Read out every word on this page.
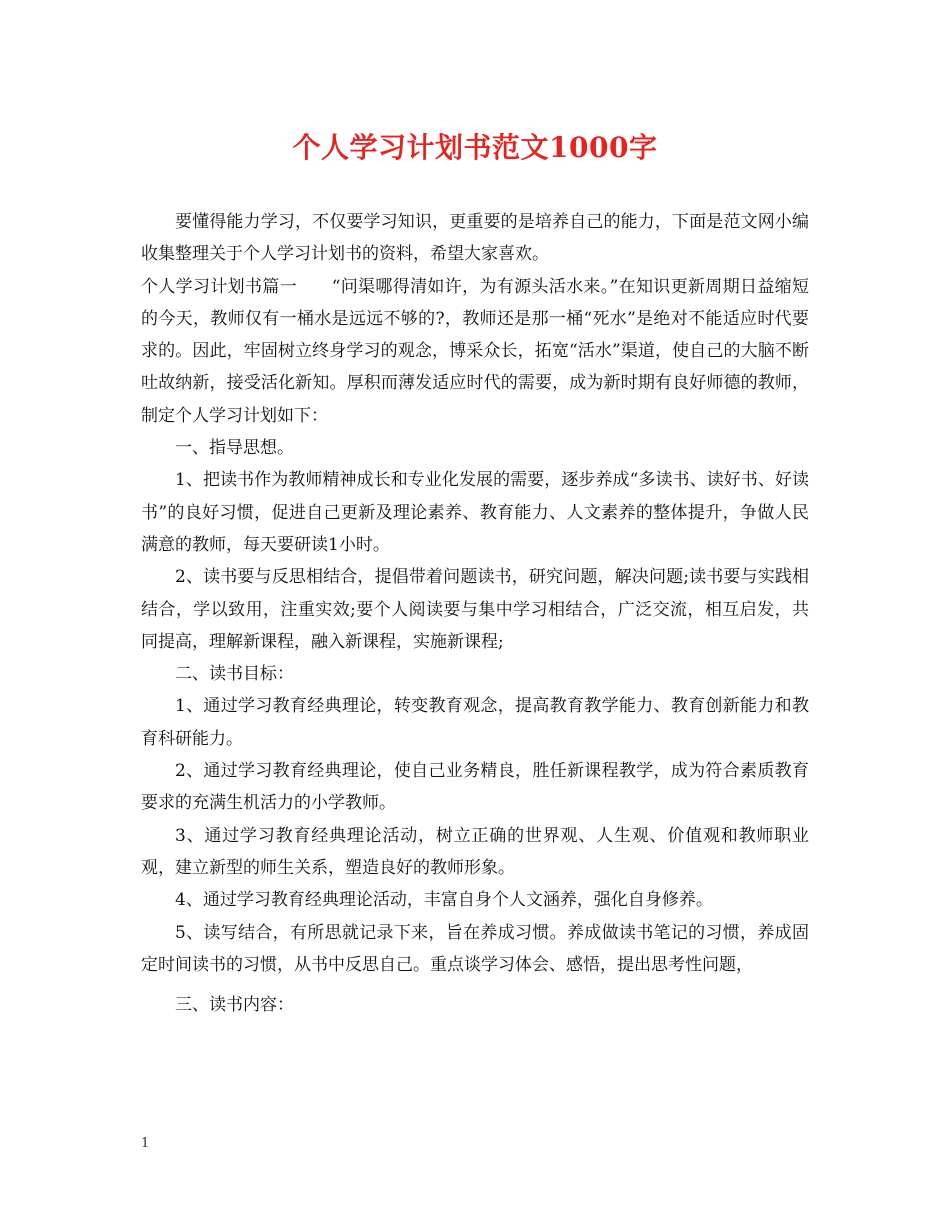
个人学习计划书范文1000字

要懂得能力学习，不仅要学习知识，更重要的是培养自己的能力，下面是范文网小编收集整理关于个人学习计划书的资料，希望大家喜欢。

个人学习计划书篇一　　“问渠哪得清如许，为有源头活水来。”在知识更新周期日益缩短的今天，教师仅有一桶水是远远不够的?，教师还是那一桶“死水”是绝对不能适应时代要求的。因此，牢固树立终身学习的观念，博采众长，拓宽“活水”渠道，使自己的大脑不断吐故纳新，接受活化新知。厚积而薄发适应时代的需要，成为新时期有良好师德的教师，制定个人学习计划如下：

一、指导思想。

1、把读书作为教师精神成长和专业化发展的需要，逐步养成“多读书、读好书、好读书”的良好习惯，促进自己更新及理论素养、教育能力、人文素养的整体提升，争做人民满意的教师，每天要研读1小时。

2、读书要与反思相结合，提倡带着问题读书，研究问题，解决问题;读书要与实践相结合，学以致用，注重实效;要个人阅读要与集中学习相结合，广泛交流，相互启发，共同提高，理解新课程，融入新课程，实施新课程;

二、读书目标：

1、通过学习教育经典理论，转变教育观念，提高教育教学能力、教育创新能力和教育科研能力。

2、通过学习教育经典理论，使自己业务精良，胜任新课程教学，成为符合素质教育要求的充满生机活力的小学教师。

3、通过学习教育经典理论活动，树立正确的世界观、人生观、价值观和教师职业观，建立新型的师生关系，塑造良好的教师形象。

4、通过学习教育经典理论活动，丰富自身个人文涵养，强化自身修养。

5、读写结合，有所思就记录下来，旨在养成习惯。养成做读书笔记的习惯，养成固定时间读书的习惯，从书中反思自己。重点谈学习体会、感悟，提出思考性问题，

三、读书内容：

1
